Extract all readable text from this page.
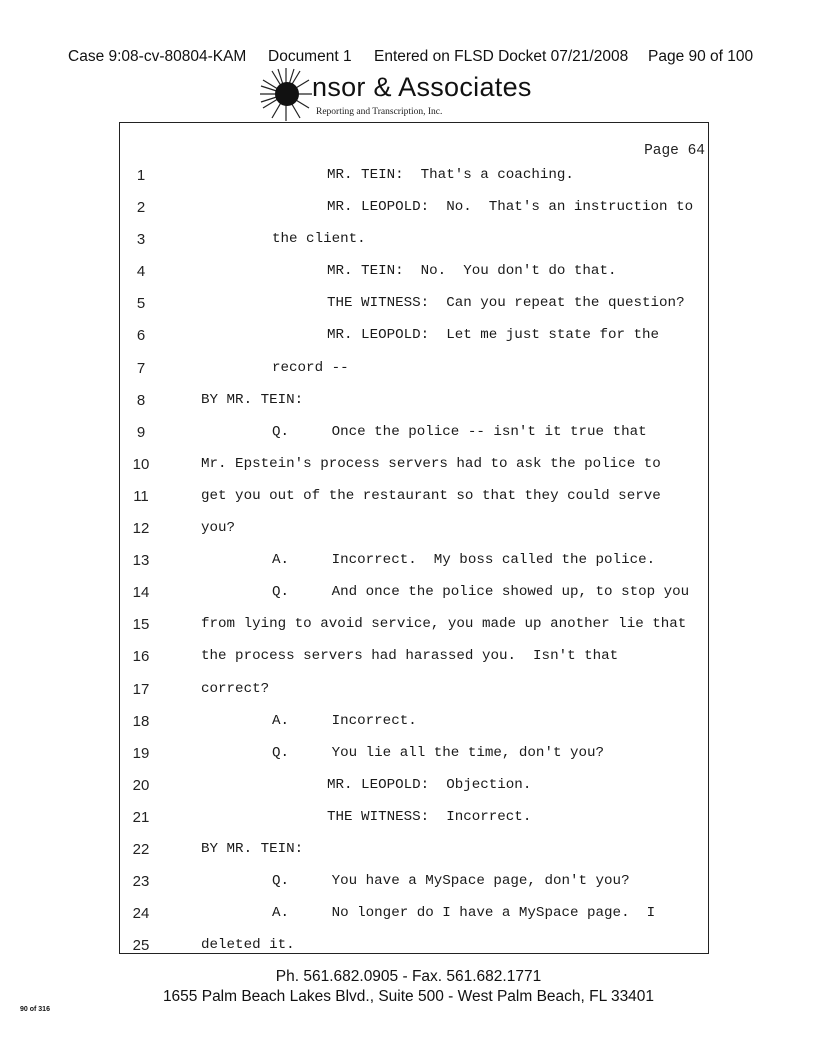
Case 9:08-cv-80804-KAM Document 1 Entered on FLSD Docket 07/21/2008 Page 90 of 100
nsor & Associates
Reporting and Transcription, Inc.
Page 64
1	MR. TEIN:  That's a coaching.
2	MR. LEOPOLD:  No.  That's an instruction to
3	the client.
4	MR. TEIN:  No.  You don't do that.
5	THE WITNESS:  Can you repeat the question?
6	MR. LEOPOLD:  Let me just state for the
7	record --
8	BY MR. TEIN:
9	Q.     Once the police -- isn't it true that
10	Mr. Epstein's process servers had to ask the police to
11	get you out of the restaurant so that they could serve
12	you?
13	A.     Incorrect.  My boss called the police.
14	Q.     And once the police showed up, to stop you
15	from lying to avoid service, you made up another lie that
16	the process servers had harassed you.  Isn't that
17	correct?
18	A.     Incorrect.
19	Q.     You lie all the time, don't you?
20	MR. LEOPOLD:  Objection.
21	THE WITNESS:  Incorrect.
22	BY MR. TEIN:
23	Q.     You have a MySpace page, don't you?
24	A.     No longer do I have a MySpace page.  I
25	deleted it.
Ph. 561.682.0905 - Fax. 561.682.1771
1655 Palm Beach Lakes Blvd., Suite 500 - West Palm Beach, FL 33401
90 of 316
